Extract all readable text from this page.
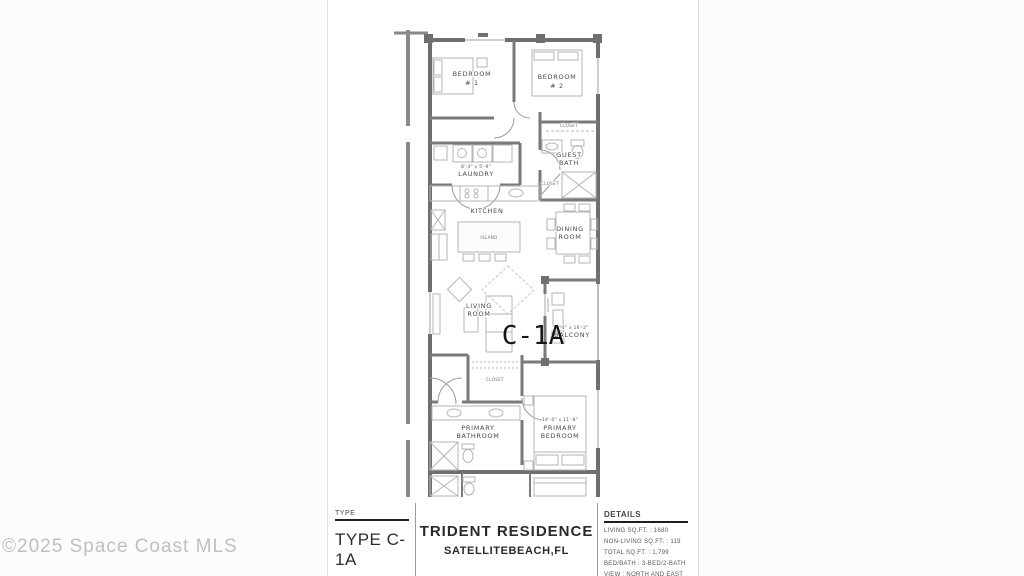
BEDROOM
# 1
BEDROOM
# 2
8'-4" x 5'-9"
LAUNDRY
CLOSET
GUEST
BATH
CLOSET
KITCHEN
ISLAND
DINING
ROOM
LIVING
ROOM
6'-4" x 16'-2"
BALCONY
CLOSET
PRIMARY
BATHROOM
14'-0" x 11'-8"
PRIMARY
BEDROOM
C-1A
TYPE
TYPE C-1A
TRIDENT RESIDENCE
SATELLITEBEACH,FL
DETAILS
LIVING SQ.FT. : 1680
NON-LIVING SQ.FT. : 119
TOTAL SQ.FT. : 1,799
BED/BATH : 3-BED/2-BATH
VIEW : NORTH AND EAST
©2025 Space Coast MLS
